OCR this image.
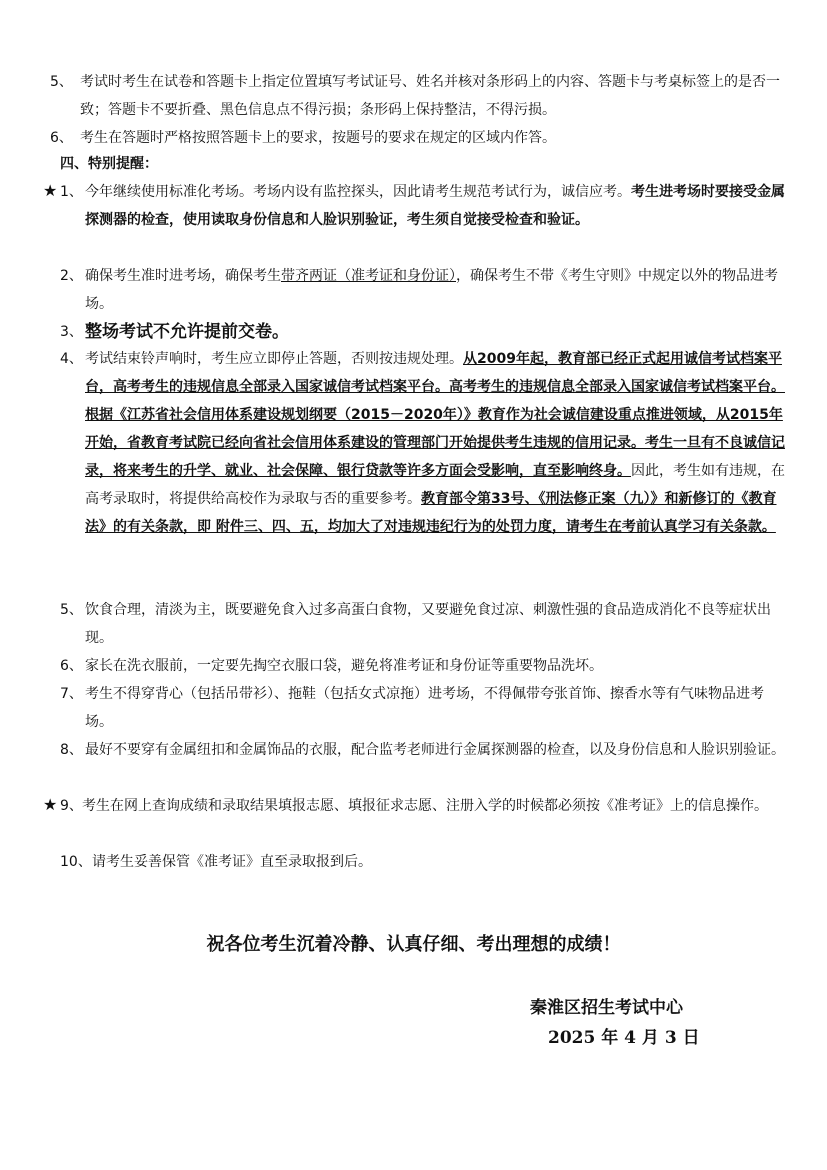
5、 考试时考生在试卷和答题卡上指定位置填写考试证号、姓名并核对条形码上的内容、答题卡与考桌标签上的是否一致；答题卡不要折叠、黑色信息点不得污损；条形码上保持整洁，不得污损。
6、 考生在答题时严格按照答题卡上的要求，按题号的要求在规定的区域内作答。
四、特别提醒：
★ 1、 今年继续使用标准化考场。考场内设有监控探头，因此请考生规范考试行为，诚信应考。考生进考场时要接受金属探测器的检查，使用读取身份信息和人脸识别验证，考生须自觉接受检查和验证。
2、 确保考生准时进考场，确保考生带齐两证（准考证和身份证），确保考生不带《考生守则》中规定以外的物品进考场。
3、 整场考试不允许提前交卷。
4、 考试结束铃声响时，考生应立即停止答题，否则按违规处理。从2009年起，教育部已经正式起用诚信考试档案平台，高考考生的违规信息全部录入国家诚信考试档案平台。高考考生的违规信息全部录入国家诚信考试档案平台。根据《江苏省社会信用体系建设规划纲要（2015－2020年）》教育作为社会诚信建设重点推进领域，从2015年开始，省教育考试院已经向省社会信用体系建设的管理部门开始提供考生违规的信用记录。考生一旦有不良诚信记录，将来考生的升学、就业、社会保障、银行贷款等许多方面会受影响，直至影响终身。因此，考生如有违规，在高考录取时，将提供给高校作为录取与否的重要参考。教育部令第33号、《刑法修正案（九）》和新修订的《教育法》的有关条款，即 附件三、四、五，均加大了对违规违纪行为的处罚力度，请考生在考前认真学习有关条款。
5、 饮食合理，清淡为主，既要避免食入过多高蛋白食物，又要避免食过凉、刺激性强的食品造成消化不良等症状出现。
6、 家长在洗衣服前，一定要先掏空衣服口袋，避免将准考证和身份证等重要物品洗坏。
7、 考生不得穿背心（包括吊带衫）、拖鞋（包括女式凉拖）进考场，不得佩带夸张首饰、擦香水等有气味物品进考场。
8、 最好不要穿有金属纽扣和金属饰品的衣服，配合监考老师进行金属探测器的检查，以及身份信息和人脸识别验证。
★ 9、 考生在网上查询成绩和录取结果填报志愿、填报征求志愿、注册入学的时候都必须按《准考证》上的信息操作。
10、 请考生妥善保管《准考证》直至录取报到后。
祝各位考生沉着冷静、认真仔细、考出理想的成绩！
秦淮区招生考试中心
2025 年 4 月 3 日
